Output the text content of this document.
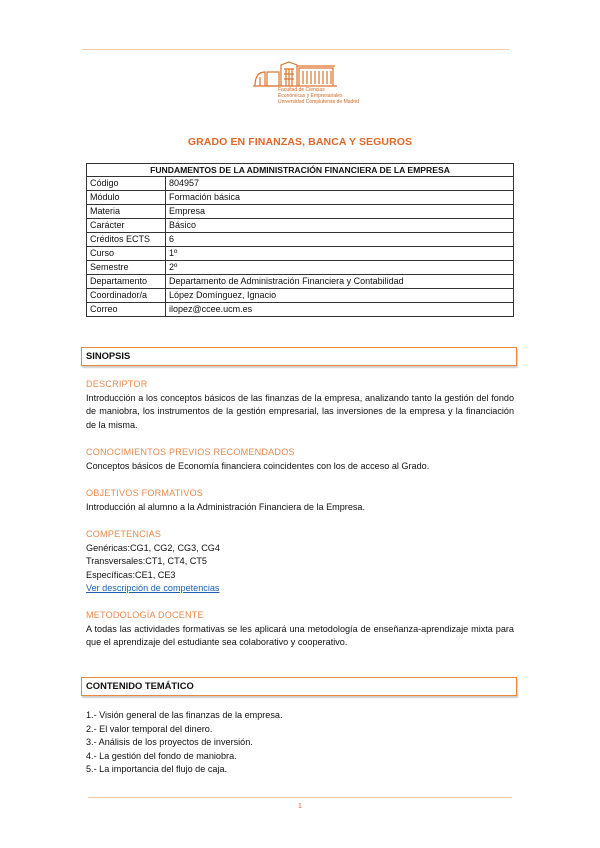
Facultad de Ciencias
Económicas y Empresariales
Universidad Complutense de Madrid
GRADO EN FINANZAS, BANCA Y SEGUROS
FUNDAMENTOS DE LA ADMINISTRACIÓN FINANCIERA DE LA EMPRESA	
Código	804957
Módulo	Formación básica
Materia	Empresa
Carácter	Básico
Créditos ECTS	6
Curso	1º
Semestre	2º
Departamento	Departamento de Administración Financiera y Contabilidad
Coordinador/a	López Domínguez, Ignacio
Correo	ilopez@ccee.ucm.es
SINOPSIS
DESCRIPTOR
Introducción a los conceptos básicos de las finanzas de la empresa, analizando tanto la gestión del fondo de maniobra, los instrumentos de la gestión empresarial, las inversiones de la empresa y la financiación de la misma.
CONOCIMIENTOS PREVIOS RECOMENDADOS
Conceptos básicos de Economía financiera coincidentes con los de acceso al Grado.
OBJETIVOS FORMATIVOS
Introducción al alumno a la Administración Financiera de la Empresa.
COMPETENCIAS
Genéricas:CG1, CG2, CG3, CG4
Transversales:CT1, CT4, CT5
Específicas:CE1, CE3
Ver descripción de competencias
METODOLOGÍA DOCENTE
A todas las actividades formativas se les aplicará una metodología de enseñanza-aprendizaje mixta para que el aprendizaje del estudiante sea colaborativo y cooperativo.
CONTENIDO TEMÁTICO
1.- Visión general de las finanzas de la empresa.
2.- El valor temporal del dinero.
3.- Análisis de los proyectos de inversión.
4.- La gestión del fondo de maniobra.
5.- La importancia del flujo de caja.
1
